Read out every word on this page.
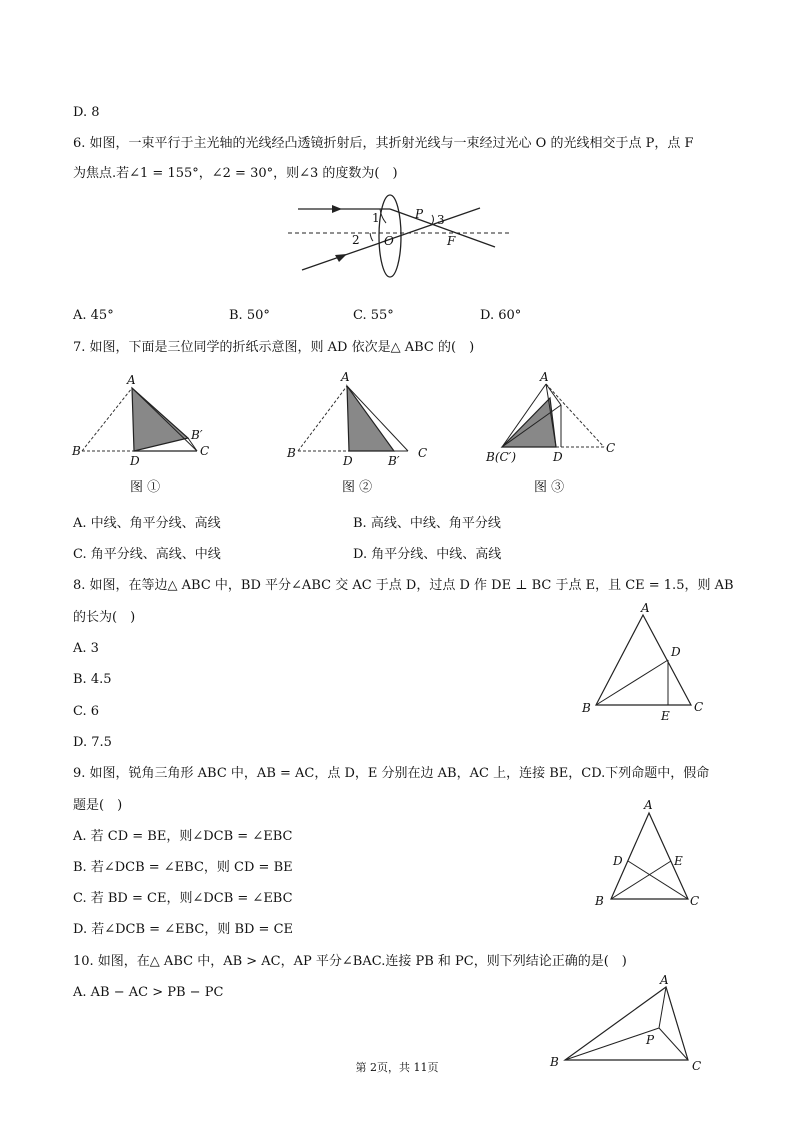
D. 8
6. 如图，一束平行于主光轴的光线经凸透镜折射后，其折射光线与一束经过光心 O 的光线相交于点 P，点 F
为焦点.若∠1 = 155°，∠2 = 30°，则∠3 的度数为(　)
1
2
3
P
O	F
A. 45°	B. 50°	C. 55°	D. 60°
7. 如图，下面是三位同学的折纸示意图，则 AD 依次是△ ABC 的(　)
A
B
D
B′
C
图 ①
A
B
D	B′
C
图 ②
A
B(C′)	D
C
图 ③
A. 中线、角平分线、高线	B. 高线、中线、角平分线
C. 角平分线、高线、中线	D. 角平分线、中线、高线
8. 如图，在等边△ ABC 中，BD 平分∠ABC 交 AC 于点 D，过点 D 作 DE ⊥ BC 于点 E，且 CE = 1.5，则 AB
的长为(　)
A. 3
B. 4.5
C. 6
D. 7.5
A
B	C
D
E
9. 如图，锐角三角形 ABC 中，AB = AC，点 D，E 分别在边 AB，AC 上，连接 BE，CD.下列命题中，假命
题是(　)
A. 若 CD = BE，则∠DCB = ∠EBC
B. 若∠DCB = ∠EBC，则 CD = BE
C. 若 BD = CE，则∠DCB = ∠EBC
D. 若∠DCB = ∠EBC，则 BD = CE
A
B	C
D	E
10. 如图，在△ ABC 中，AB > AC，AP 平分∠BAC.连接 PB 和 PC，则下列结论正确的是(　)
A. AB − AC > PB − PC
A
B	C
P
第 2页，共 11页
